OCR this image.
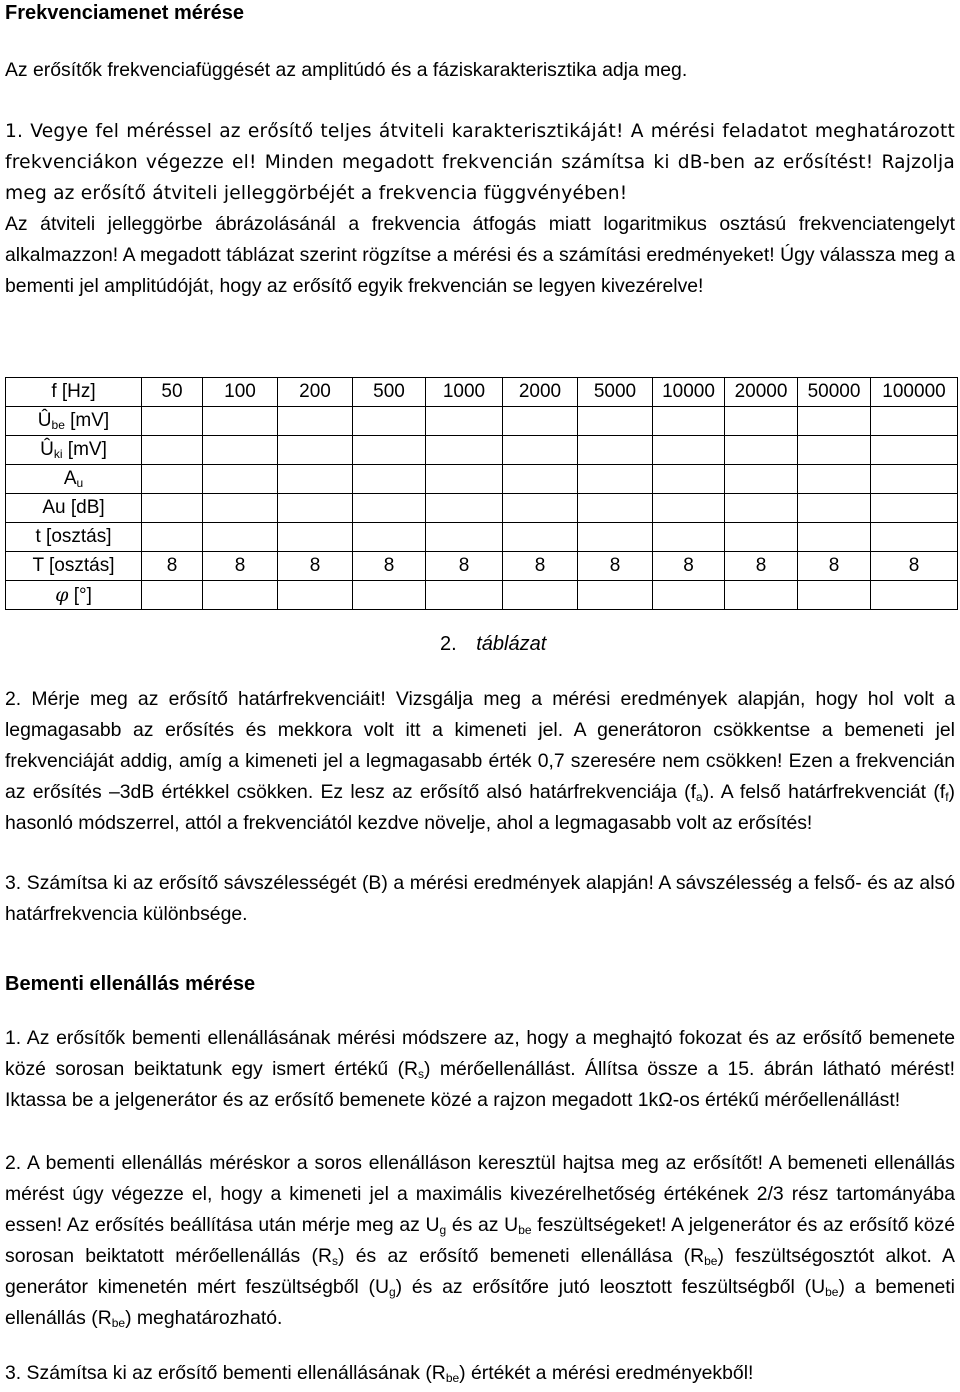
Frekvenciamenet mérése

Az erősítők frekvenciafüggését az amplitúdó és a fáziskarakterisztika adja meg.

1. Vegye fel méréssel az erősítő teljes átviteli karakterisztikáját! A mérési feladatot meghatározott frekvenciákon végezze el! Minden megadott frekvencián számítsa ki dB-ben az erősítést! Rajzolja meg az erősítő átviteli jelleggörbéjét a frekvencia függvényében!

Az átviteli jelleggörbe ábrázolásánál a frekvencia átfogás miatt logaritmikus osztású frekvenciatengelyt alkalmazzon! A megadott táblázat szerint rögzítse a mérési és a számítási eredményeket! Úgy válassza meg a bementi jel amplitúdóját, hogy az erősítő egyik frekvencián se legyen kivezérelve!

f [Hz]	50	100	200	500	1000	2000	5000	10000	20000	50000	100000
$Û_{be}$ [mV]											
$Û_{ki}$ [mV]											
$A_u$											
Au [dB]											
t [osztás]											
T [osztás]	8	8	8	8	8	8	8	8	8	8	8
φ [°]											
2. táblázat

2. Mérje meg az erősítő határfrekvenciáit! Vizsgálja meg a mérési eredmények alapján, hogy hol volt a legmagasabb az erősítés és mekkora volt itt a kimeneti jel. A generátoron csökkentse a bemeneti jel frekvenciáját addig, amíg a kimeneti jel a legmagasabb érték 0,7 szeresére nem csökken! Ezen a frekvencián az erősítés –3dB értékkel csökken. Ez lesz az erősítő alsó határfrekvenciája $(f_a)$. A felső határfrekvenciát $(f_f)$ hasonló módszerrel, attól a frekvenciától kezdve növelje, ahol a legmagasabb volt az erősítés!

3. Számítsa ki az erősítő sávszélességét (B) a mérési eredmények alapján! A sávszélesség a felső- és az alsó határfrekvencia különbsége.

Bementi ellenállás mérése

1. Az erősítők bementi ellenállásának mérési módszere az, hogy a meghajtó fokozat és az erősítő bemenete közé sorosan beiktatunk egy ismert értékű $(R_s)$ mérőellenállást. Állítsa össze a 15. ábrán látható mérést! Iktassa be a jelgenerátor és az erősítő bemenete közé a rajzon megadott 1kΩ-os értékű mérőellenállást!

2. A bementi ellenállás méréskor a soros ellenálláson keresztül hajtsa meg az erősítőt! A bemeneti ellenállás mérést úgy végezze el, hogy a kimeneti jel a maximális kivezérelhetőség értékének 2/3 rész tartományába essen! Az erősítés beállítása után mérje meg az $U_g$ és az $U_{be}$ feszültségeket! A jelgenerátor és az erősítő közé sorosan beiktatott mérőellenállás $(R_s)$ és az erősítő bemeneti ellenállása $(R_{be})$ feszültségosztót alkot. A generátor kimenetén mért feszültségből $(U_g)$ és az erősítőre jutó leosztott feszültségből $(U_{be})$ a bemeneti ellenállás $(R_{be})$ meghatározható.

3. Számítsa ki az erősítő bementi ellenállásának $(R_{be})$ értékét a mérési eredményekből!
